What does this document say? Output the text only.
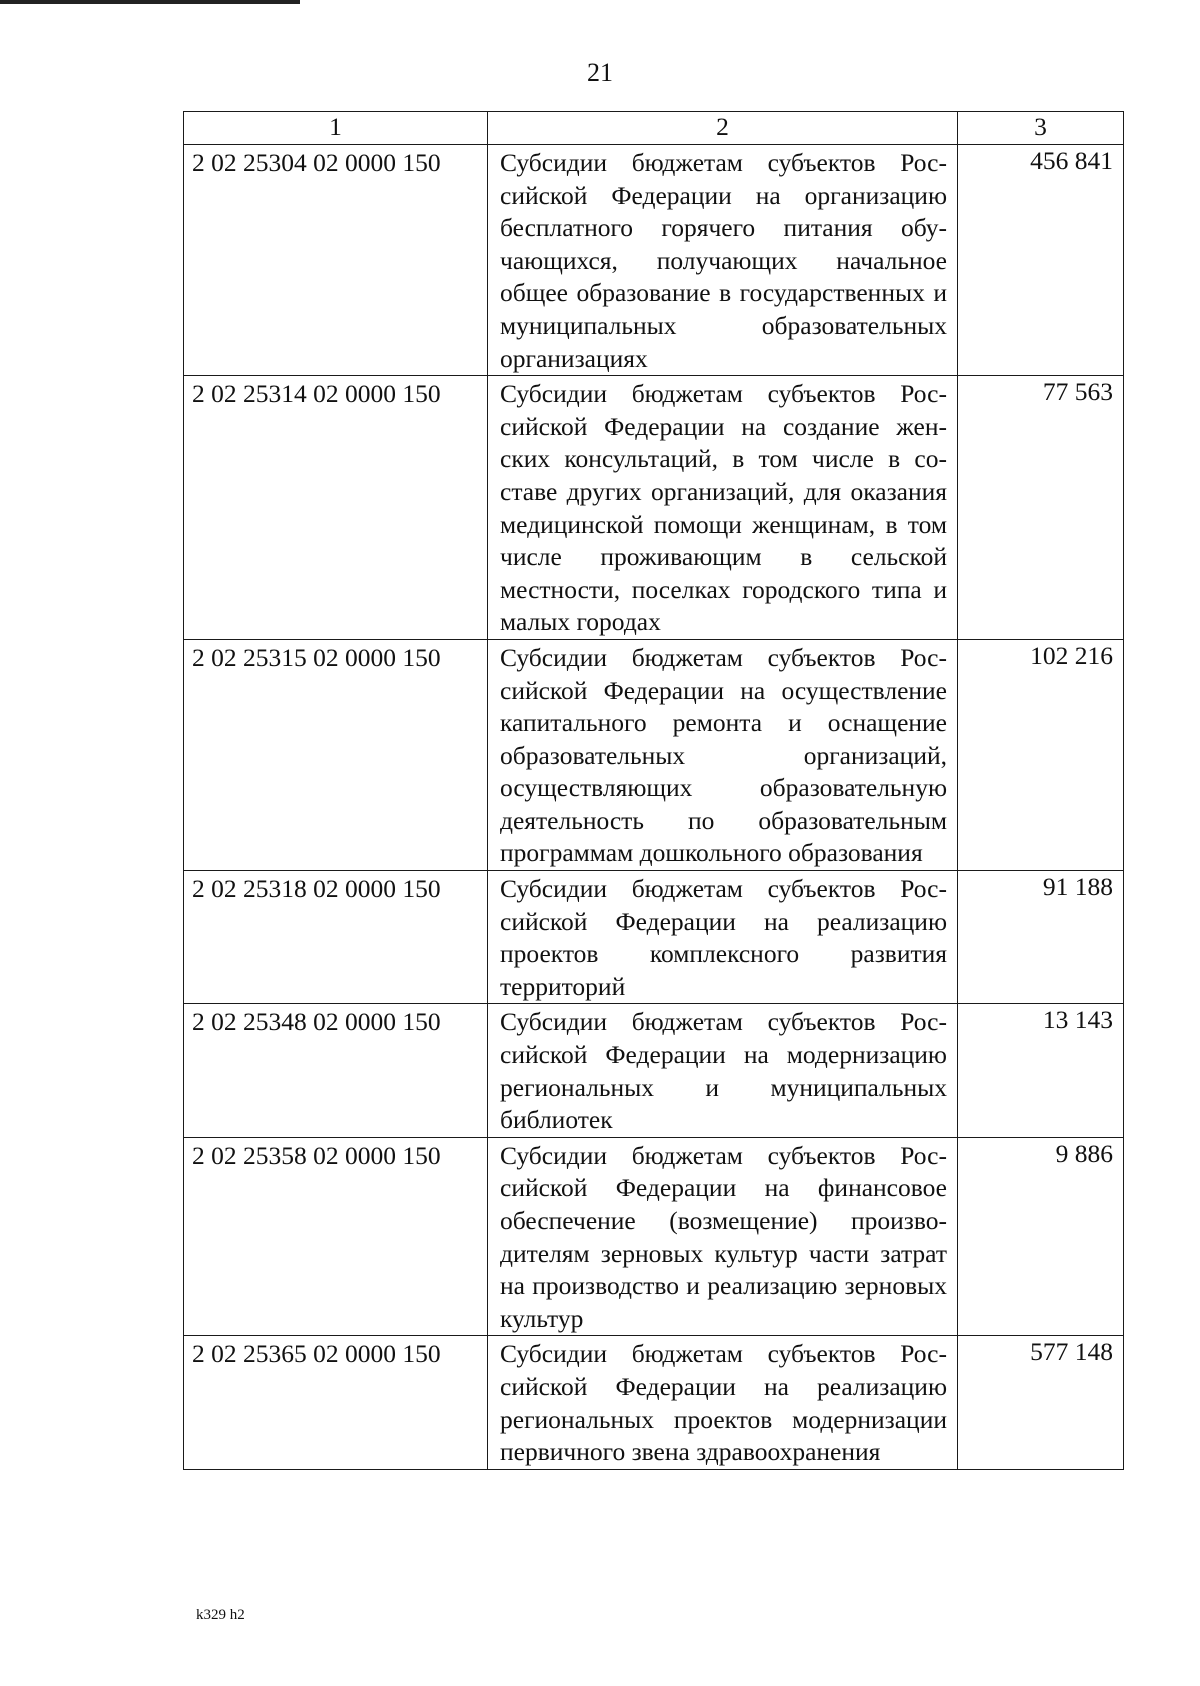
21
1	2	3
2 02 25304 02 0000 150	Субсидии бюджетам субъектов Российской Федерации на организацию бесплатного горячего питания обучающихся, получающих начальное общее образование в государственных и муниципальных образовательных организациях	456 841
2 02 25314 02 0000 150	Субсидии бюджетам субъектов Российской Федерации на создание женских консультаций, в том числе в составе других организаций, для оказания медицинской помощи женщинам, в том числе проживающим в сельской местности, поселках городского типа и малых городах	77 563
2 02 25315 02 0000 150	Субсидии бюджетам субъектов Российской Федерации на осуществление капитального ремонта и оснащение образовательных организаций, осуществляющих образовательную деятельность по образовательным программам дошкольного образования	102 216
2 02 25318 02 0000 150	Субсидии бюджетам субъектов Российской Федерации на реализацию проектов комплексного развития территорий	91 188
2 02 25348 02 0000 150	Субсидии бюджетам субъектов Российской Федерации на модернизацию региональных и муниципальных библиотек	13 143
2 02 25358 02 0000 150	Субсидии бюджетам субъектов Российской Федерации на финансовое обеспечение (возмещение) производителям зерновых культур части затрат на производство и реализацию зерновых культур	9 886
2 02 25365 02 0000 150	Субсидии бюджетам субъектов Российской Федерации на реализацию региональных проектов модернизации первичного звена здравоохранения	577 148
k329 h2
